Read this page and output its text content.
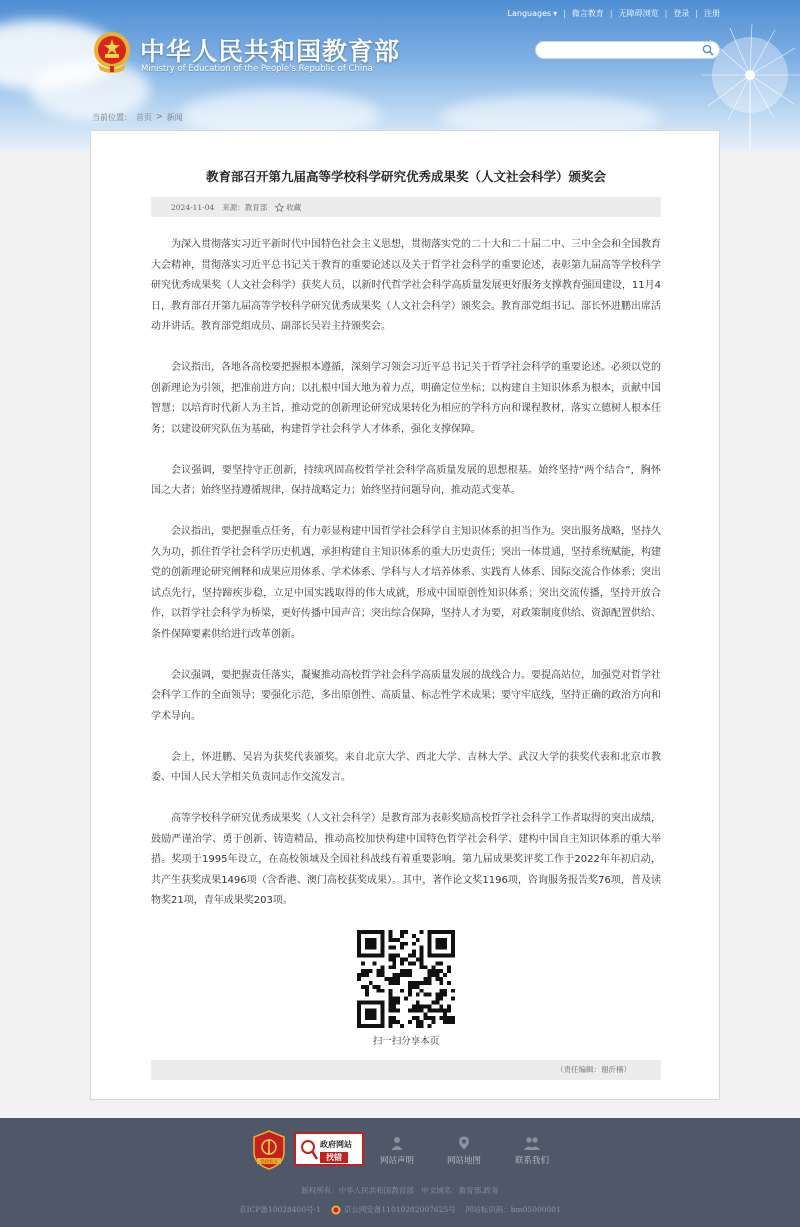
Languages ▾ | 微言教育 | 无障碍浏览 | 登录 | 注册
中华人民共和国教育部
Ministry of Education of the People's Republic of China
当前位置： 首页 > 新闻
教育部召开第九届高等学校科学研究优秀成果奖（人文社会科学）颁奖会
2024-11-04 来源：教育部	收藏

为深入贯彻落实习近平新时代中国特色社会主义思想，贯彻落实党的二十大和二十届二中、三中全会和全国教育大会精神，贯彻落实习近平总书记关于教育的重要论述以及关于哲学社会科学的重要论述，表彰第九届高等学校科学研究优秀成果奖（人文社会科学）获奖人员，以新时代哲学社会科学高质量发展更好服务支撑教育强国建设，11月4日，教育部召开第九届高等学校科学研究优秀成果奖（人文社会科学）颁奖会。教育部党组书记、部长怀进鹏出席活动并讲话。教育部党组成员、副部长吴岩主持颁奖会。

会议指出，各地各高校要把握根本遵循，深刻学习领会习近平总书记关于哲学社会科学的重要论述。必须以党的创新理论为引领，把准前进方向；以扎根中国大地为着力点，明确定位坐标；以构建自主知识体系为根本，贡献中国智慧；以培育时代新人为主旨，推动党的创新理论研究成果转化为相应的学科方向和课程教材，落实立德树人根本任务；以建设研究队伍为基础，构建哲学社会科学人才体系，强化支撑保障。

会议强调，要坚持守正创新，持续巩固高校哲学社会科学高质量发展的思想根基。始终坚持“两个结合”，胸怀国之大者；始终坚持遵循规律，保持战略定力；始终坚持问题导向，推动范式变革。

会议指出，要把握重点任务，有力彰显构建中国哲学社会科学自主知识体系的担当作为。突出服务战略，坚持久久为功，抓住哲学社会科学历史机遇，承担构建自主知识体系的重大历史责任；突出一体贯通，坚持系统赋能，构建党的创新理论研究阐释和成果应用体系、学术体系、学科与人才培养体系、实践育人体系、国际交流合作体系；突出试点先行，坚持蹄疾步稳，立足中国实践取得的伟大成就，形成中国原创性知识体系；突出交流传播，坚持开放合作，以哲学社会科学为桥梁，更好传播中国声音；突出综合保障，坚持人才为要，对政策制度供给、资源配置供给、条件保障要素供给进行改革创新。

会议强调，要把握责任落实，凝聚推动高校哲学社会科学高质量发展的战线合力。要提高站位，加强党对哲学社会科学工作的全面领导；要强化示范，多出原创性、高质量、标志性学术成果；要守牢底线，坚持正确的政治方向和学术导向。

会上，怀进鹏、吴岩为获奖代表颁奖。来自北京大学、西北大学、吉林大学、武汉大学的获奖代表和北京市教委、中国人民大学相关负责同志作交流发言。

高等学校科学研究优秀成果奖（人文社会科学）是教育部为表彰奖励高校哲学社会科学工作者取得的突出成绩，鼓励严谨治学、勇于创新、铸造精品，推动高校加快构建中国特色哲学社会科学、建构中国自主知识体系的重大举措。奖项于1995年设立，在高校领域及全国社科战线有着重要影响。第九届成果奖评奖工作于2022年年初启动，共产生获奖成果1496项（含香港、澳门高校获奖成果）。其中，著作论文奖1196项，咨询服务报告奖76项，普及读物奖21项，青年成果奖203项。

扫一扫分享本页
（责任编辑：谢沂楠）
党政机关
政府网站
找错	网站声明	网站地图	联系我们
版权所有：中华人民共和国教育部　中文域名：教育部.政务
京ICP备10028400号-1	京公网安备11010202007625号 网站标识码：bm05000001
